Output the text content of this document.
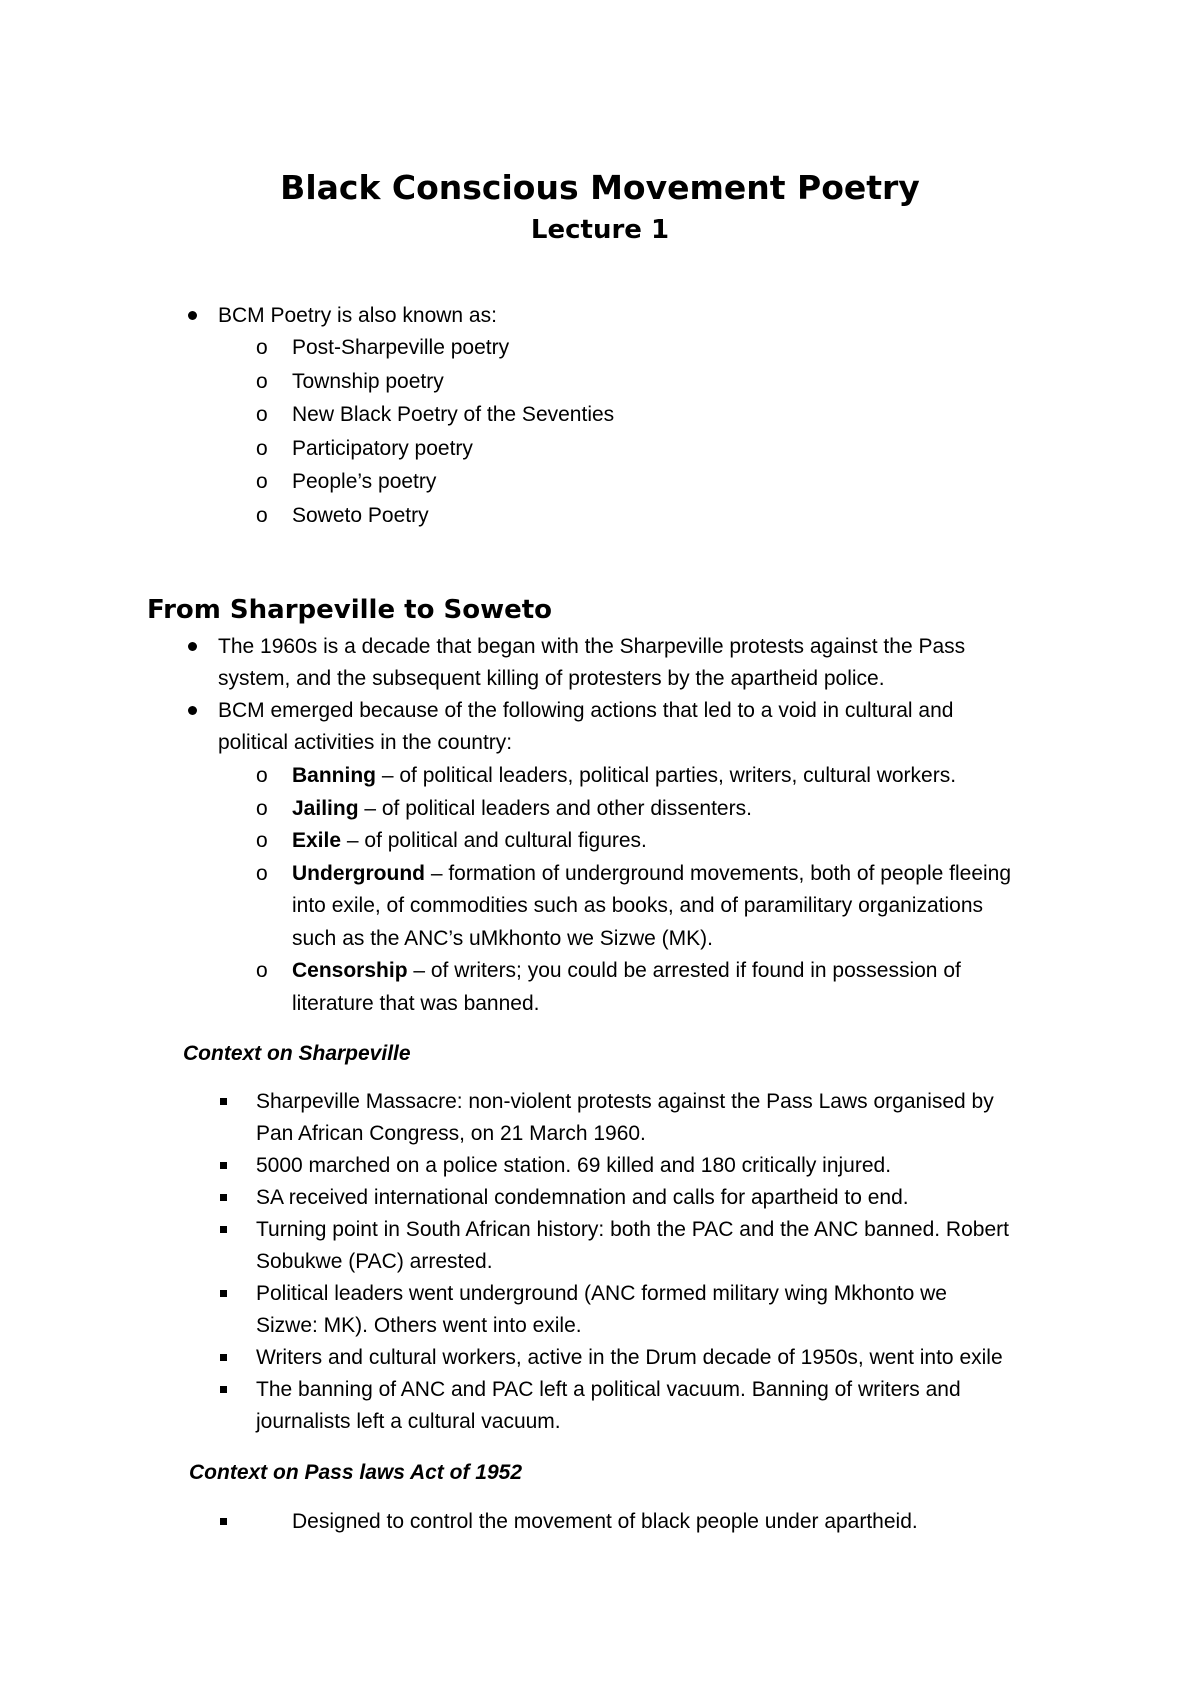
Black Conscious Movement Poetry
Lecture 1
BCM Poetry is also known as:
o Post-Sharpeville poetry
o Township poetry
o New Black Poetry of the Seventies
o Participatory poetry
o People’s poetry
o Soweto Poetry
From Sharpeville to Soweto
The 1960s is a decade that began with the Sharpeville protests against the Pass
system, and the subsequent killing of protesters by the apartheid police.
BCM emerged because of the following actions that led to a void in cultural and
political activities in the country:
o Banning – of political leaders, political parties, writers, cultural workers.
o Jailing – of political leaders and other dissenters.
o Exile – of political and cultural figures.
o Underground – formation of underground movements, both of people fleeing
into exile, of commodities such as books, and of paramilitary organizations
such as the ANC’s uMkhonto we Sizwe (MK).
o Censorship – of writers; you could be arrested if found in possession of
literature that was banned.
Context on Sharpeville
Sharpeville Massacre: non-violent protests against the Pass Laws organised by
Pan African Congress, on 21 March 1960.
5000 marched on a police station. 69 killed and 180 critically injured.
SA received international condemnation and calls for apartheid to end.
Turning point in South African history: both the PAC and the ANC banned. Robert
Sobukwe (PAC) arrested.
Political leaders went underground (ANC formed military wing Mkhonto we
Sizwe: MK). Others went into exile.
Writers and cultural workers, active in the Drum decade of 1950s, went into exile
The banning of ANC and PAC left a political vacuum. Banning of writers and
journalists left a cultural vacuum.
Context on Pass laws Act of 1952
Designed to control the movement of black people under apartheid.
